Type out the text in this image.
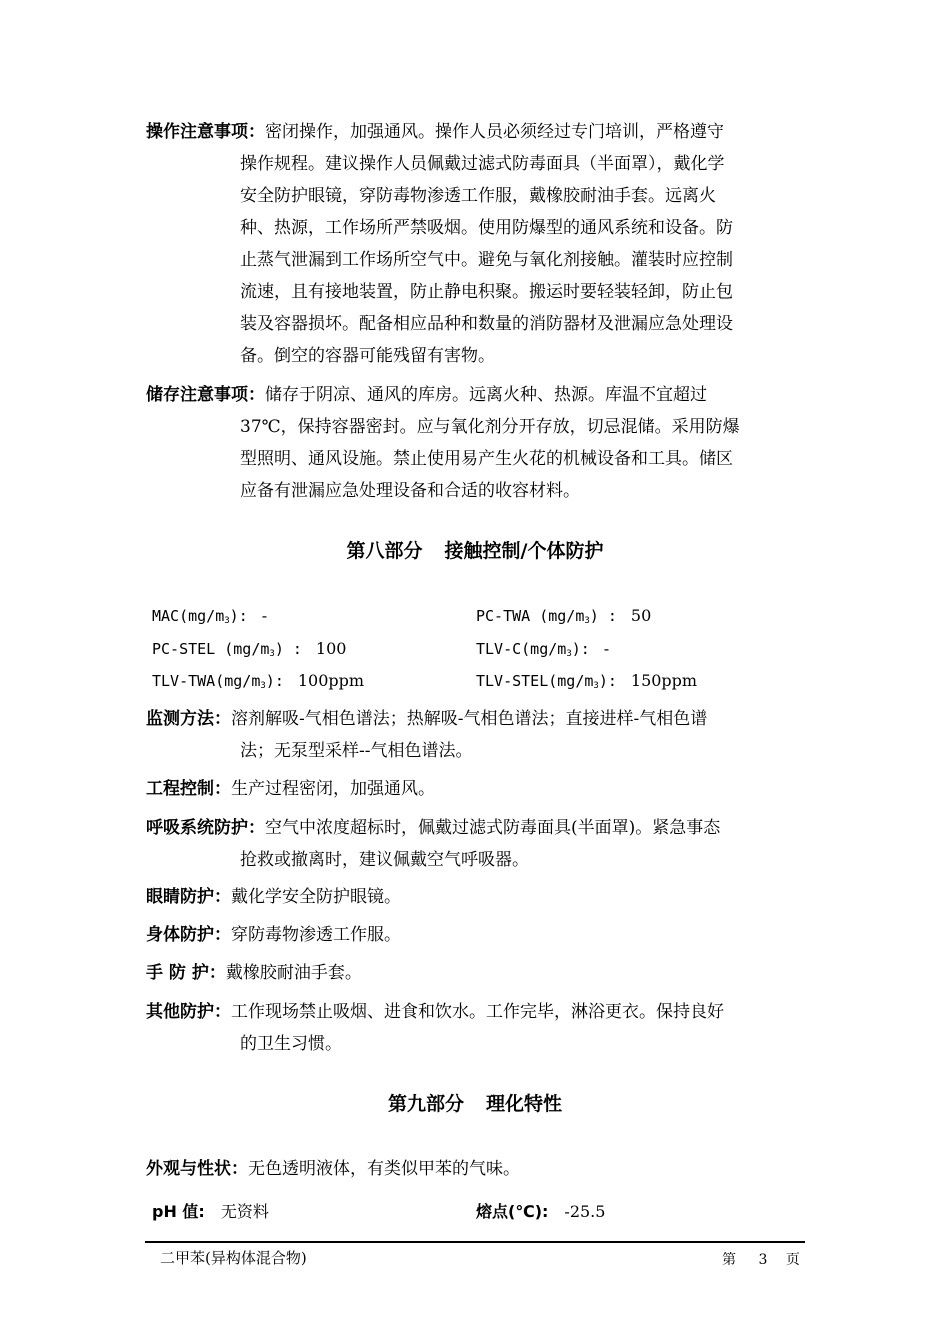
操作注意事项：密闭操作，加强通风。操作人员必须经过专门培训，严格遵守
操作规程。建议操作人员佩戴过滤式防毒面具（半面罩），戴化学
安全防护眼镜，穿防毒物渗透工作服，戴橡胶耐油手套。远离火
种、热源，工作场所严禁吸烟。使用防爆型的通风系统和设备。防
止蒸气泄漏到工作场所空气中。避免与氧化剂接触。灌装时应控制
流速，且有接地装置，防止静电积聚。搬运时要轻装轻卸，防止包
装及容器损坏。配备相应品种和数量的消防器材及泄漏应急处理设
备。倒空的容器可能残留有害物。
储存注意事项：储存于阴凉、通风的库房。远离火种、热源。库温不宜超过
37℃，保持容器密封。应与氧化剂分开存放，切忌混储。采用防爆
型照明、通风设施。禁止使用易产生火花的机械设备和工具。储区
应备有泄漏应急处理设备和合适的收容材料。
第八部分 接触控制/个体防护
$MAC(mg/m_3)$: -	PC-TWA $(mg/m_3)$ : 50
PC-STEL $(mg/m_3)$ : 100	TLV-$C(mg/m_3)$: -
TLV-$TWA(mg/m_3)$: 100ppm	TLV-$STEL(mg/m_3)$: 150ppm
监测方法：溶剂解吸-气相色谱法；热解吸-气相色谱法；直接进样-气相色谱
法；无泵型采样--气相色谱法。
工程控制：生产过程密闭，加强通风。
呼吸系统防护：空气中浓度超标时，佩戴过滤式防毒面具(半面罩)。紧急事态
抢救或撤离时，建议佩戴空气呼吸器。
眼睛防护：戴化学安全防护眼镜。
身体防护：穿防毒物渗透工作服。
手 防 护：戴橡胶耐油手套。
其他防护：工作现场禁止吸烟、进食和饮水。工作完毕，淋浴更衣。保持良好
的卫生习惯。
第九部分 理化特性
外观与性状：无色透明液体，有类似甲苯的气味。
pH 值: 无资料	熔点(℃): -25.5
二甲苯(异构体混合物)	第 3 页
